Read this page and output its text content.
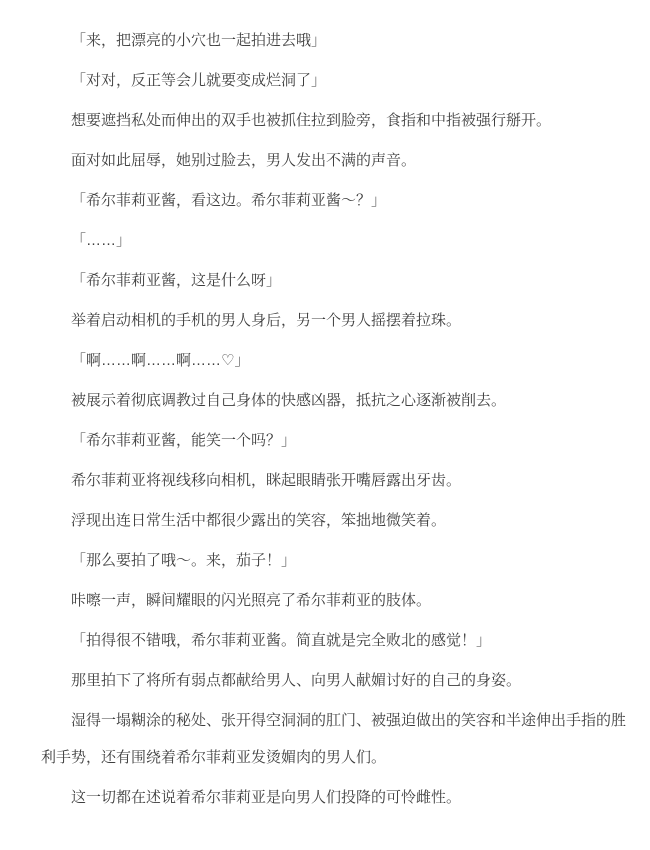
「来，把漂亮的小穴也一起拍进去哦」

「对对，反正等会儿就要变成烂洞了」

想要遮挡私处而伸出的双手也被抓住拉到脸旁，食指和中指被强行掰开。

面对如此屈辱，她别过脸去，男人发出不满的声音。

「希尔菲莉亚酱，看这边。希尔菲莉亚酱～？」

「……」

「希尔菲莉亚酱，这是什么呀」

举着启动相机的手机的男人身后，另一个男人摇摆着拉珠。

「啊……啊……啊……♡」

被展示着彻底调教过自己身体的快感凶器，抵抗之心逐渐被削去。

「希尔菲莉亚酱，能笑一个吗？」

希尔菲莉亚将视线移向相机，眯起眼睛张开嘴唇露出牙齿。

浮现出连日常生活中都很少露出的笑容，笨拙地微笑着。

「那么要拍了哦～。来，茄子！」

咔嚓一声，瞬间耀眼的闪光照亮了希尔菲莉亚的肢体。

「拍得很不错哦，希尔菲莉亚酱。简直就是完全败北的感觉！」

那里拍下了将所有弱点都献给男人、向男人献媚讨好的自己的身姿。

湿得一塌糊涂的秘处、张开得空洞洞的肛门、被强迫做出的笑容和半途伸出手指的胜利手势，还有围绕着希尔菲莉亚发烫媚肉的男人们。

这一切都在述说着希尔菲莉亚是向男人们投降的可怜雌性。
